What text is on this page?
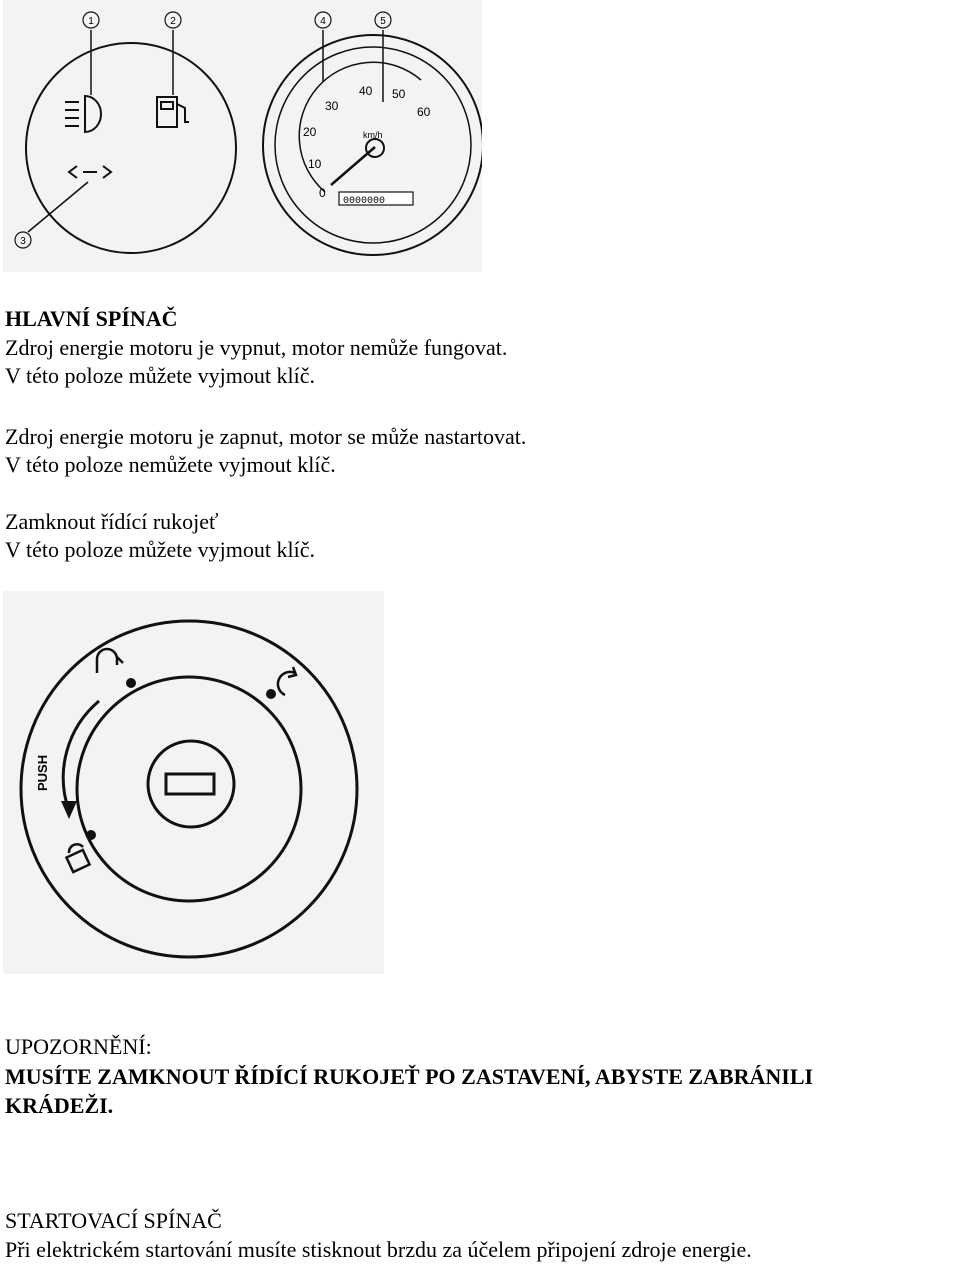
1	2
3
4	5
0
10
20
30
40 50
60
km/h
0000000
HLAVNÍ SPÍNAČ
Zdroj energie motoru je vypnut, motor nemůže fungovat.
V této poloze můžete vyjmout klíč.
Zdroj energie motoru je zapnut, motor se může nastartovat.
V této poloze nemůžete vyjmout klíč.
Zamknout řídící rukojeť
V této poloze můžete vyjmout klíč.
PUSH
UPOZORNĚNÍ:
MUSÍTE ZAMKNOUT ŘÍDÍCÍ RUKOJEŤ PO ZASTAVENÍ, ABYSTE ZABRÁNILI
KRÁDEŽI.
STARTOVACÍ SPÍNAČ
Při elektrickém startování musíte stisknout brzdu za účelem připojení zdroje energie.
